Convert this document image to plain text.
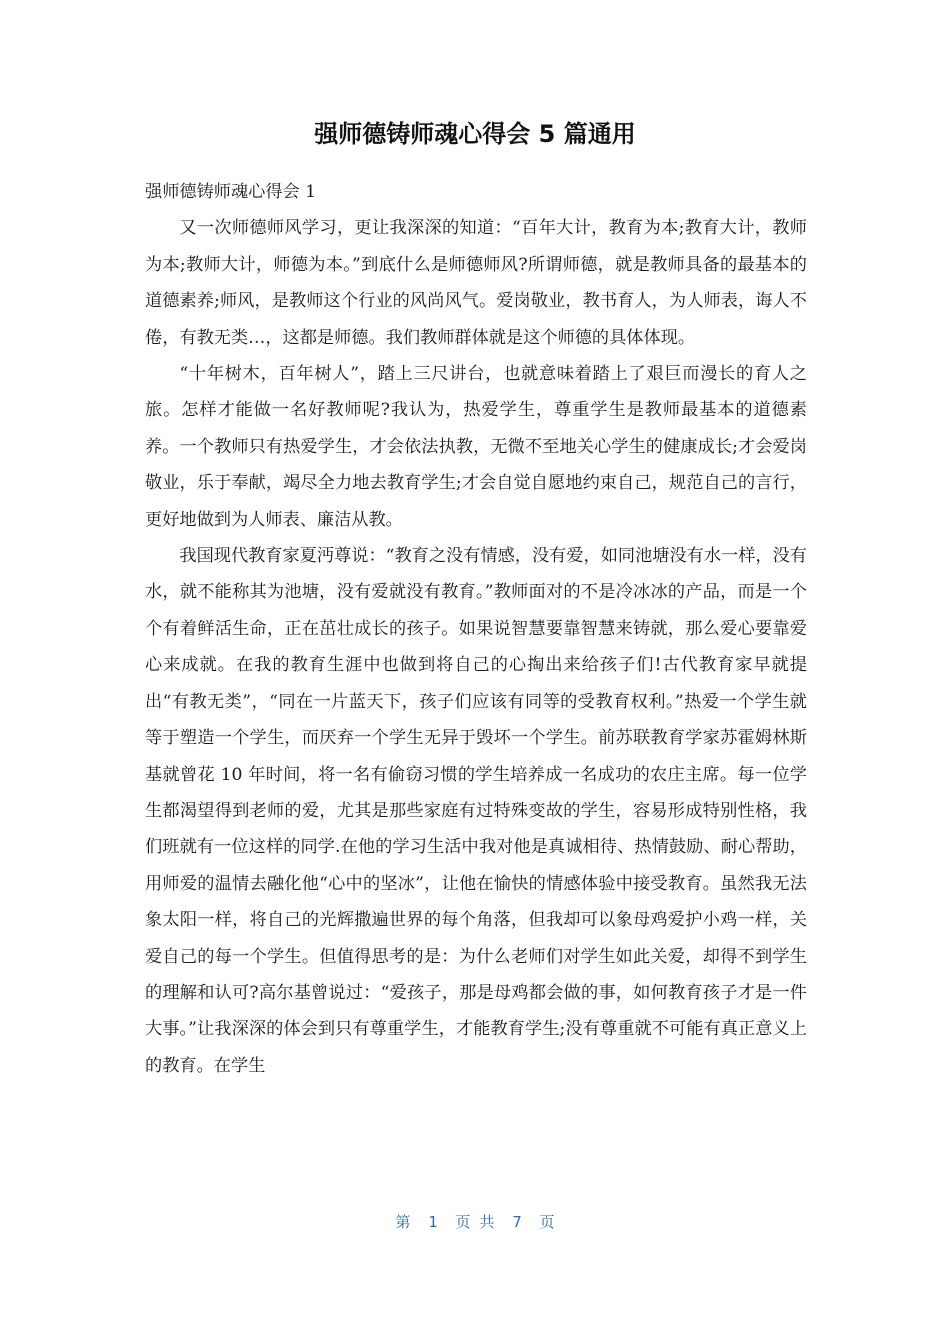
强师德铸师魂心得会 5 篇通用

强师德铸师魂心得会 1

又一次师德师风学习，更让我深深的知道：“百年大计，教育为本;教育大计，教师为本;教师大计，师德为本。”到底什么是师德师风?所谓师德，就是教师具备的最基本的道德素养;师风，是教师这个行业的风尚风气。爱岗敬业，教书育人，为人师表，诲人不倦，有教无类…，这都是师德。我们教师群体就是这个师德的具体体现。

“十年树木，百年树人”，踏上三尺讲台，也就意味着踏上了艰巨而漫长的育人之旅。怎样才能做一名好教师呢?我认为，热爱学生，尊重学生是教师最基本的道德素养。一个教师只有热爱学生，才会依法执教，无微不至地关心学生的健康成长;才会爱岗敬业，乐于奉献，竭尽全力地去教育学生;才会自觉自愿地约束自己，规范自己的言行，更好地做到为人师表、廉洁从教。

我国现代教育家夏沔尊说：“教育之没有情感，没有爱，如同池塘没有水一样，没有水，就不能称其为池塘，没有爱就没有教育。”教师面对的不是冷冰冰的产品，而是一个个有着鲜活生命，正在茁壮成长的孩子。如果说智慧要靠智慧来铸就，那么爱心要靠爱心来成就。在我的教育生涯中也做到将自己的心掏出来给孩子们!古代教育家早就提出“有教无类”，“同在一片蓝天下，孩子们应该有同等的受教育权利。”热爱一个学生就等于塑造一个学生，而厌弃一个学生无异于毁坏一个学生。前苏联教育学家苏霍姆林斯基就曾花 10 年时间，将一名有偷窃习惯的学生培养成一名成功的农庄主席。每一位学生都渴望得到老师的爱，尤其是那些家庭有过特殊变故的学生，容易形成特别性格，我们班就有一位这样的同学.在他的学习生活中我对他是真诚相待、热情鼓励、耐心帮助，用师爱的温情去融化他“心中的坚冰”，让他在愉快的情感体验中接受教育。虽然我无法象太阳一样，将自己的光辉撒遍世界的每个角落，但我却可以象母鸡爱护小鸡一样，关爱自己的每一个学生。但值得思考的是：为什么老师们对学生如此关爱，却得不到学生的理解和认可?高尔基曾说过：“爱孩子，那是母鸡都会做的事，如何教育孩子才是一件大事。”让我深深的体会到只有尊重学生，才能教育学生;没有尊重就不可能有真正意义上的教育。在学生

第  1  页 共  7  页
